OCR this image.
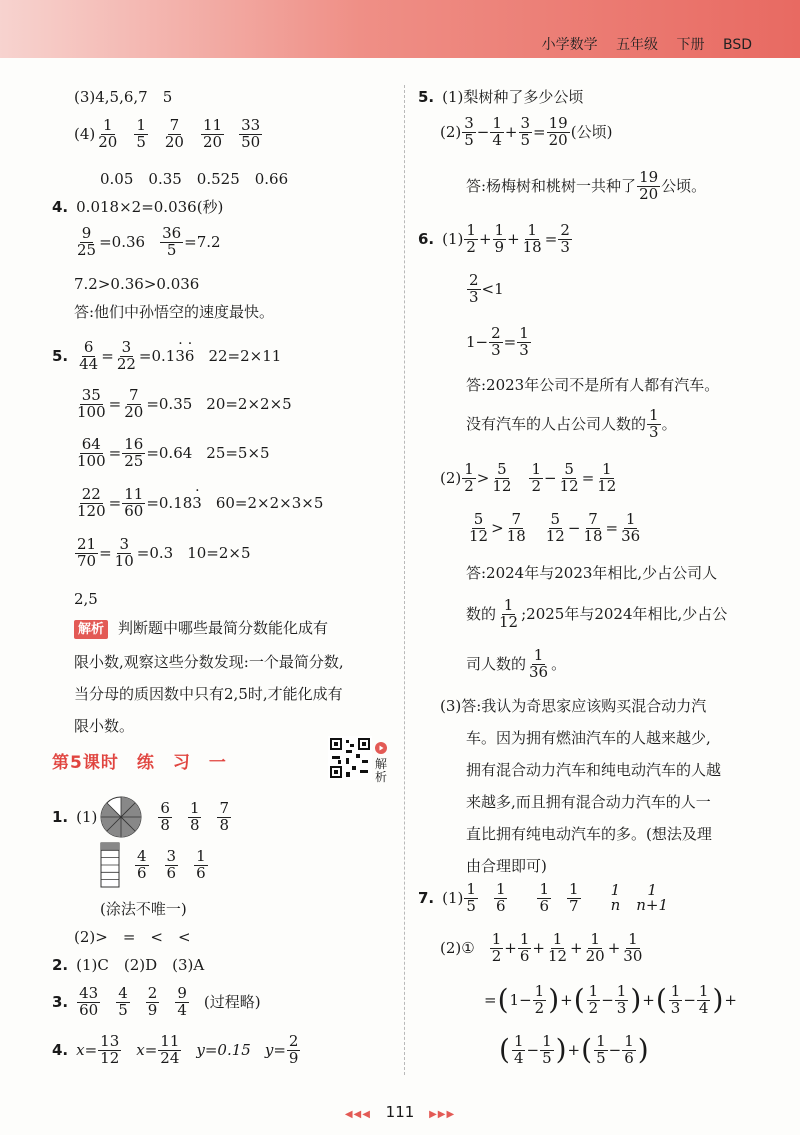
小学数学 五年级 下册 BSD
(3)4,5,6,7　5
$(4) \frac{1}{20} \frac{1}{5} \frac{7}{20} \frac{11}{20} \frac{33}{50}$
0.05　0.35　0.525　0.66
4. 0.018×2=0.036(秒)
$\frac{9}{25} =0.36 \frac{36}{5} =7.2$
7.2>0.36>0.036
答:他们中孙悟空的速度最快。
5. 6
$44 = \frac{3}{22} =0.1$
· 3
· 6 22=2×11
35
$100 = \frac{7}{20} =0.35$ 20=2×2×5
64
$100 = \frac{16}{25} =0.64$ 25=5×5
22
$120 = \frac{11}{60} =0.18$
· 3 60=2×2×3×5
21
$70 = \frac{3}{10} =0.3$ 10=2×5
2,5
解析 判断题中哪些最简分数能化成有
限小数,观察这些分数发现:一个最简分数,
当分母的质因数中只有2,5时,才能化成有
限小数。
第5课时　练　习　一	解析
1. (1)	6
8
1
8
7
8
4
6
3
6
1
6
(涂法不唯一)
(2)>　=　<　<
2. (1)C　(2)D　(3)A
3. 43
60
4
5
2
9
9
4 (过程略)
4. $x= \frac{13}{12} x= \frac{11}{24} y=0.15$ $y= \frac{2}{9}$
5. (1)梨树种了多少公顷
(2) 3
5 − 1
4 + 3
5 = 19
20 (公顷)
答:杨梅树和桃树一共种了 19
20 公顷。
6. (1) 1
2 + 1
9 + 1
18 = 2
3
2
3 <1
$1- \frac{2}{3} = 1$
3
答:2023年公司不是所有人都有汽车。
没有汽车的人占公司人数的 1
3 。
(2) 1
2 > 5
12
1
2 − 5
12 = 1
12
5
12 > 7
18
5
12 − 7
18 = 1
36
答:2024年与2023年相比,少占公司人
数的 1
12 ;2025年与2024年相比,少占公
司人数的 1
36 。
(3)答:我认为奇思家应该购买混合动力汽
车。因为拥有燃油汽车的人越来越少,
拥有混合动力汽车和纯电动汽车的人越
来越多,而且拥有混合动力汽车的人一
直比拥有纯电动汽车的多。(想法及理
由合理即可)
7. (1) 1
5
1
6
1
6
1
7
1
n
1
n+1
(2)① 1
2 + 1
6 + 1
12 + 1
20 + 1
30
= ( 1 − 1
2 ) + ( 1
2 − 1
3 ) + ( 1
3 − 1
4 ) +
( 1
4 − 1
5 ) + ( 1
5 − 1
6 )
◀◀◀ 111 ▶▶▶
